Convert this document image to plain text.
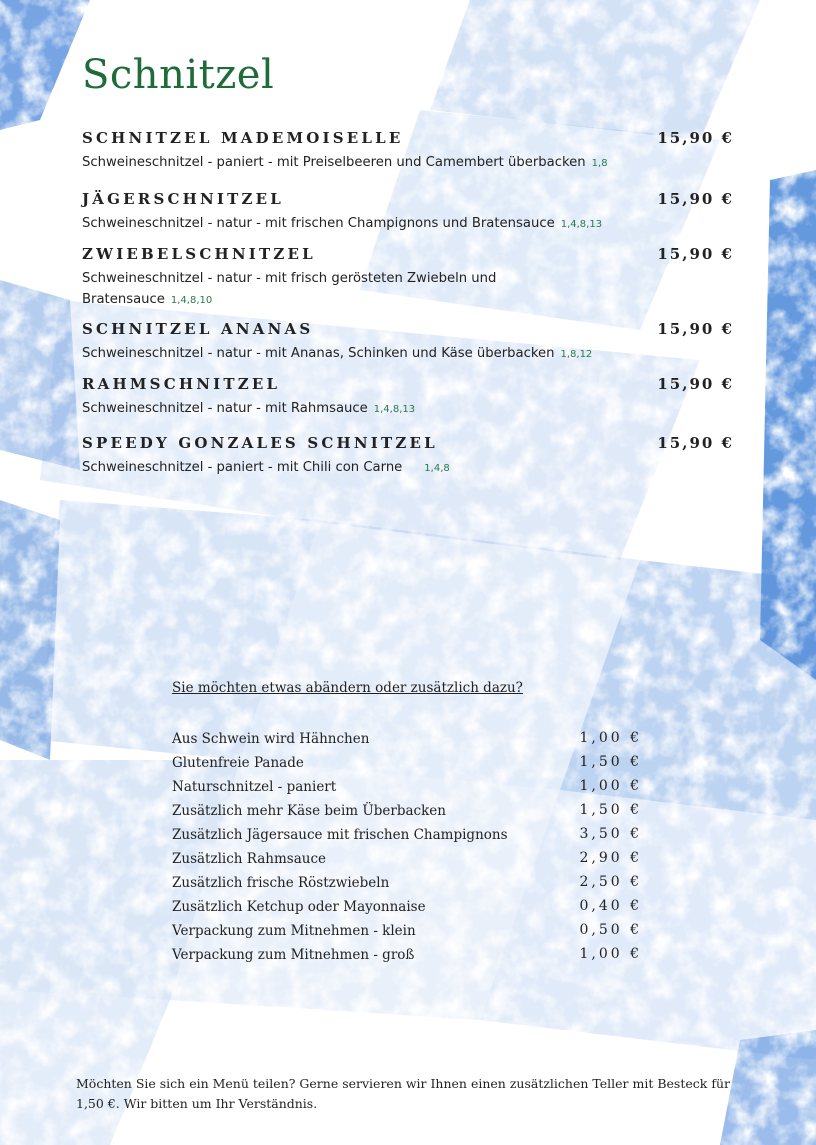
Schnitzel
SCHNITZEL MADEMOISELLE	15,90 €
Schweineschnitzel - paniert - mit Preiselbeeren und Camembert überbacken 1,8
JÄGERSCHNITZEL	15,90 €
Schweineschnitzel - natur - mit frischen Champignons und Bratensauce 1,4,8,13
ZWIEBELSCHNITZEL	15,90 €
Schweineschnitzel - natur - mit frisch gerösteten Zwiebeln und Bratensauce 1,4,8,10
SCHNITZEL ANANAS	15,90 €
Schweineschnitzel - natur - mit Ananas, Schinken und Käse überbacken 1,8,12
RAHMSCHNITZEL	15,90 €
Schweineschnitzel - natur - mit Rahmsauce 1,4,8,13
SPEEDY GONZALES SCHNITZEL	15,90 €
Schweineschnitzel - paniert - mit Chili con Carne 1,4,8
Sie möchten etwas abändern oder zusätzlich dazu?
Aus Schwein wird Hähnchen	1,00 €
Glutenfreie Panade	1,50 €
Naturschnitzel - paniert	1,00 €
Zusätzlich mehr Käse beim Überbacken	1,50 €
Zusätzlich Jägersauce mit frischen Champignons	3,50 €
Zusätzlich Rahmsauce	2,90 €
Zusätzlich frische Röstzwiebeln	2,50 €
Zusätzlich Ketchup oder Mayonnaise	0,40 €
Verpackung zum Mitnehmen - klein	0,50 €
Verpackung zum Mitnehmen - groß	1,00 €
Möchten Sie sich ein Menü teilen? Gerne servieren wir Ihnen einen zusätzlichen Teller mit Besteck für 1,50 €. Wir bitten um Ihr Verständnis.
